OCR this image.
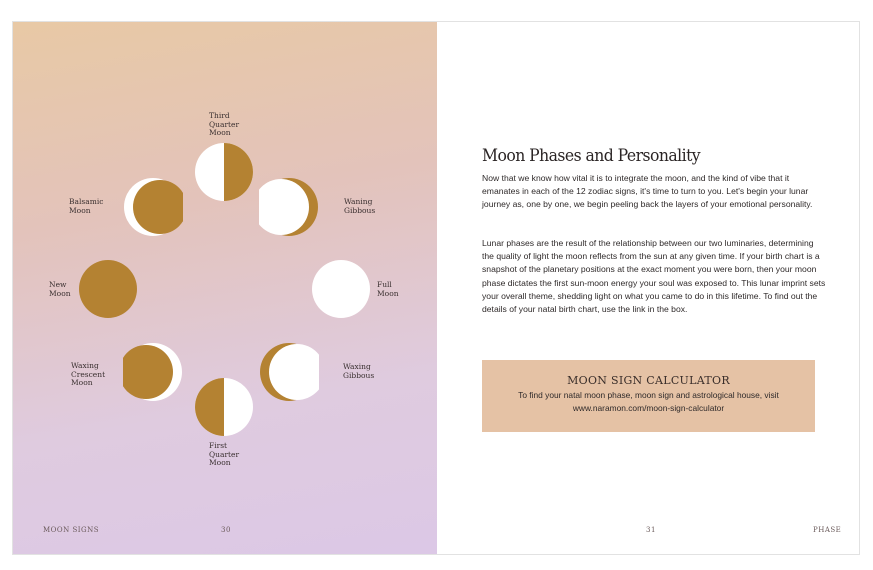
Third
Quarter
Moon
Waning
Gibbous
Full
Moon
Waxing
Gibbous
First
Quarter
Moon
Waxing
Crescent
Moon
New
Moon
Balsamic
Moon
MOON SIGNS	30
Moon Phases and Personality

Now that we know how vital it is to integrate the moon, and the kind of vibe that it emanates in each of the 12 zodiac signs, it's time to turn to you. Let's begin your lunar journey as, one by one, we begin peeling back the layers of your emotional personality.

Lunar phases are the result of the relationship between our two luminaries, determining the quality of light the moon reflects from the sun at any given time. If your birth chart is a snapshot of the planetary positions at the exact moment you were born, then your moon phase dictates the first sun-moon energy your soul was exposed to. This lunar imprint sets your overall theme, shedding light on what you came to do in this lifetime. To find out the details of your natal birth chart, use the link in the box.

MOON SIGN CALCULATOR

To find your natal moon phase, moon sign and astrological house, visit
www.naramon.com/moon-sign-calculator

31	PHASE
